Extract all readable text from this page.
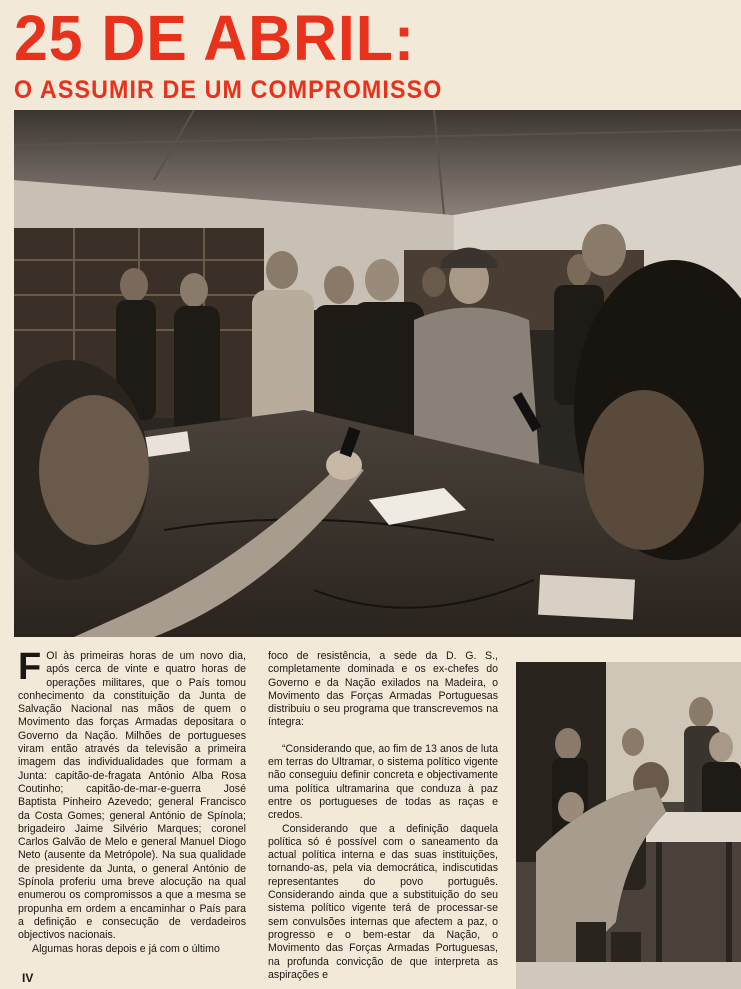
25 DE ABRIL:
O ASSUMIR DE UM COMPROMISSO

FOI às primeiras horas de um novo dia, após cerca de vinte e quatro horas de operações militares, que o País tomou conhecimento da constituição da Junta de Salvação Nacional nas mãos de quem o Movimento das forças Armadas depositara o Governo da Nação. Milhões de portugueses viram então através da televisão a primeira imagem das individualidades que formam a Junta: capitão-de-fragata António Alba Rosa Coutinho; capitão-de-mar-e-guerra José Baptista Pinheiro Azevedo; general Francisco da Costa Gomes; general António de Spínola; brigadeiro Jaime Silvério Marques; coronel Carlos Galvão de Melo e general Manuel Diogo Neto (ausente da Metrópole). Na sua qualidade de presidente da Junta, o general António de Spínola proferiu uma breve alocução na qual enumerou os compromissos a que a mesma se propunha em ordem a encaminhar o País para a definição e consecução de verdadeiros objectivos nacionais.

Algumas horas depois e já com o último

foco de resistência, a sede da D. G. S., completamente dominada e os ex-chefes do Governo e da Nação exilados na Madeira, o Movimento das Forças Armadas Portuguesas distribuiu o seu programa que transcrevemos na íntegra:

“Considerando que, ao fim de 13 anos de luta em terras do Ultramar, o sistema político vigente não conseguiu definir concreta e objectivamente uma política ultramarina que conduza à paz entre os portugueses de todas as raças e credos.

Considerando que a definição daquela política só é possível com o saneamento da actual política interna e das suas instituições, tornando-as, pela via democrática, indiscutidas representantes do povo português. Considerando ainda que a substituição do seu sistema político vigente terá de processar-se sem convulsões internas que afectem a paz, o progresso e o bem-estar da Nação, o Movimento das Forças Armadas Portuguesas, na profunda convicção de que interpreta as aspirações e

IV
